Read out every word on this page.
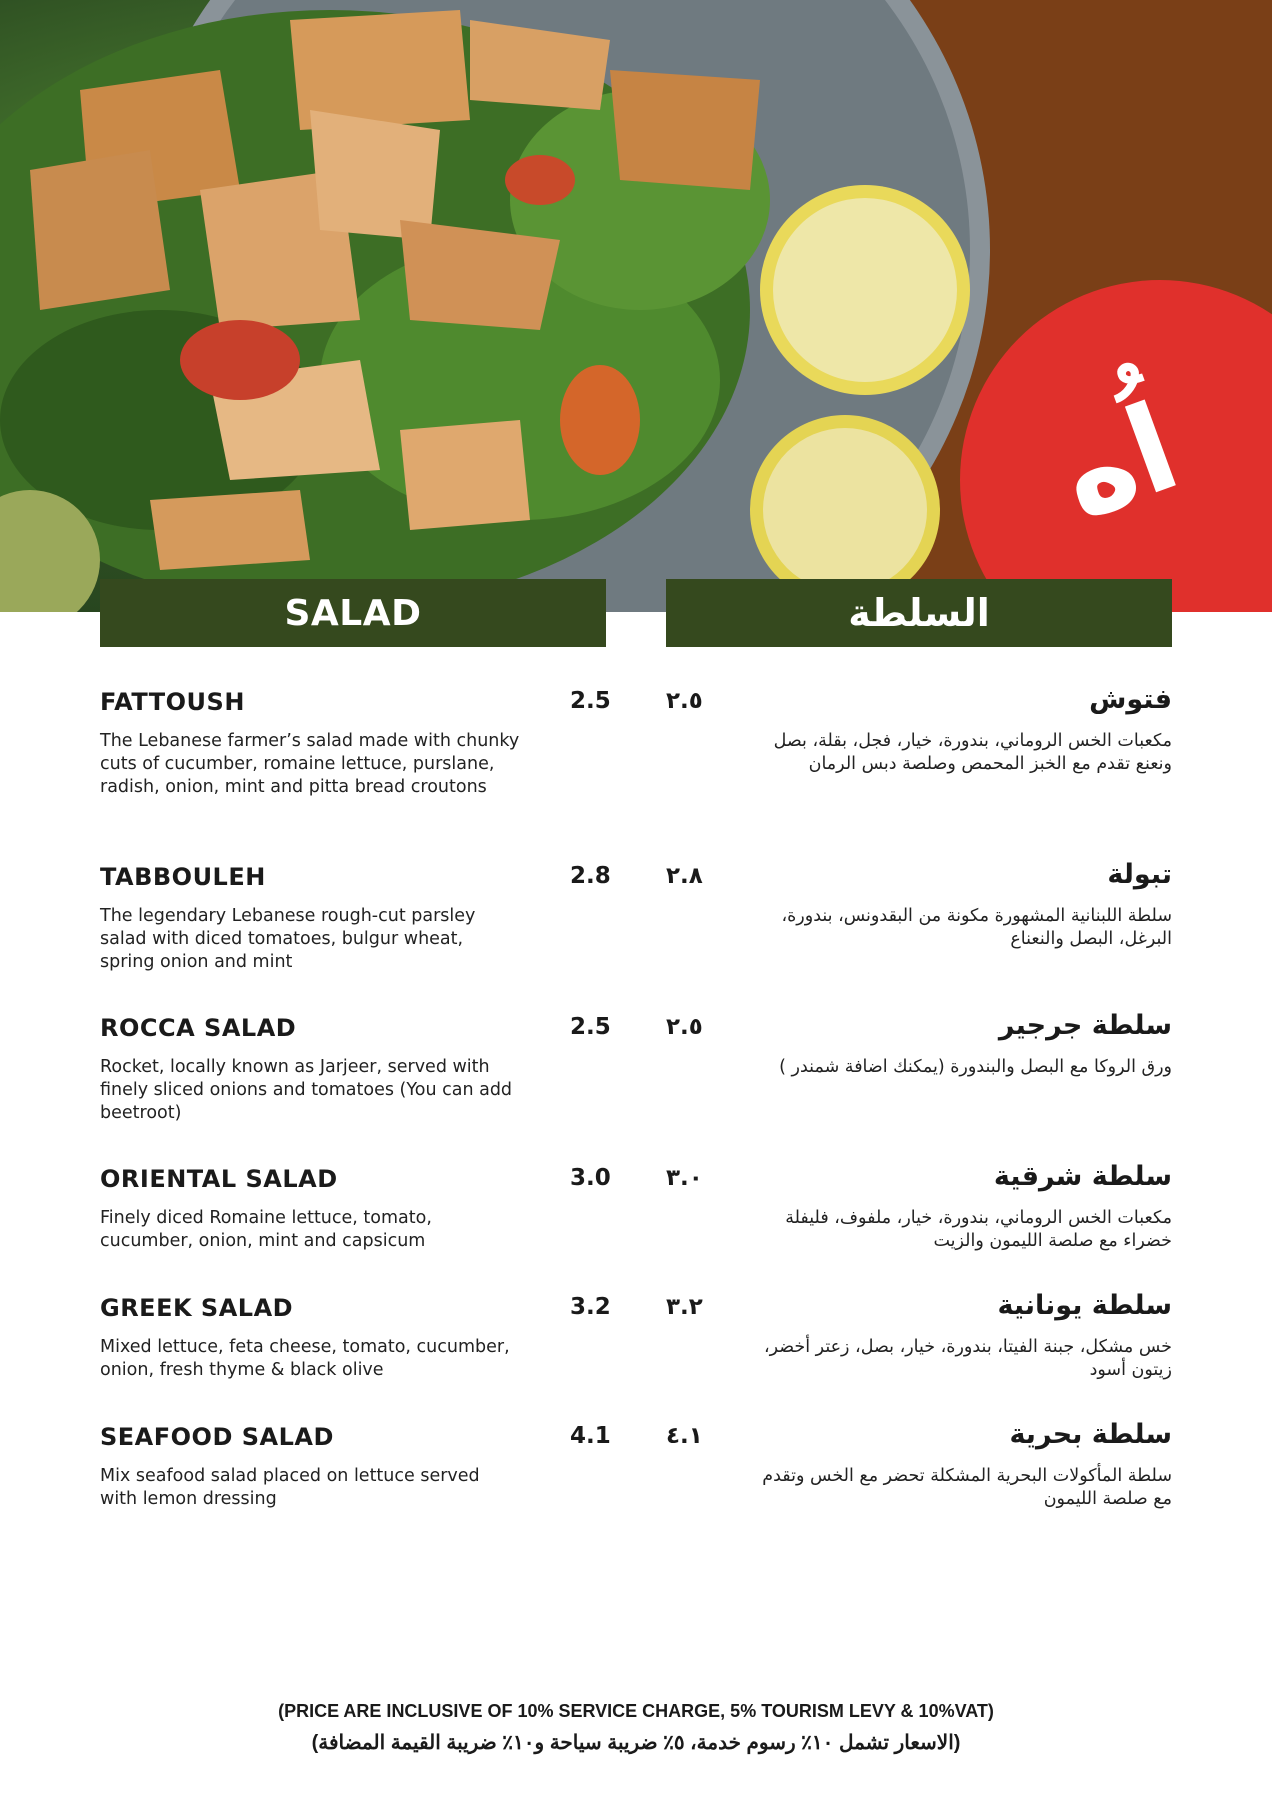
اُه
SALAD	السلطة
FATTOUSH	2.5 ٢.٥	فتوش
The Lebanese farmer’s salad made with chunky cuts of cucumber, romaine lettuce, purslane, radish, onion, mint and pitta bread croutons
مكعبات الخس الروماني، بندورة، خيار، فجل، بقلة، بصل ونعنع تقدم مع الخبز المحمص وصلصة دبس الرمان
TABBOULEH	2.8 ٢.٨	تبولة
The legendary Lebanese rough-cut parsley salad with diced tomatoes, bulgur wheat, spring onion and mint
سلطة اللبنانية المشهورة مكونة من البقدونس، بندورة، البرغل، البصل والنعناع
ROCCA SALAD	2.5 ٢.٥	سلطة جرجير
Rocket, locally known as Jarjeer, served with finely sliced onions and tomatoes (You can add beetroot)
ورق الروكا مع البصل والبندورة (يمكنك اضافة شمندر )
ORIENTAL SALAD	3.0 ٣.٠	سلطة شرقية
Finely diced Romaine lettuce, tomato, cucumber, onion, mint and capsicum
مكعبات الخس الروماني، بندورة، خيار، ملفوف، فليفلة خضراء مع صلصة الليمون والزيت
GREEK SALAD	3.2 ٣.٢	سلطة يونانية
Mixed lettuce, feta cheese, tomato, cucumber, onion, fresh thyme & black olive
خس مشكل، جبنة الفيتا، بندورة، خيار، بصل، زعتر أخضر، زيتون أسود
SEAFOOD SALAD	4.1 ٤.١	سلطة بحرية
Mix seafood salad placed on lettuce served with lemon dressing
سلطة المأكولات البحرية المشكلة تحضر مع الخس وتقدم مع صلصة الليمون
(PRICE ARE INCLUSIVE OF 10% SERVICE CHARGE, 5% TOURISM LEVY & 10%VAT)
(الاسعار تشمل ١٠٪ رسوم خدمة، ٥٪ ضريبة سياحة و١٠٪ ضريبة القيمة المضافة)
